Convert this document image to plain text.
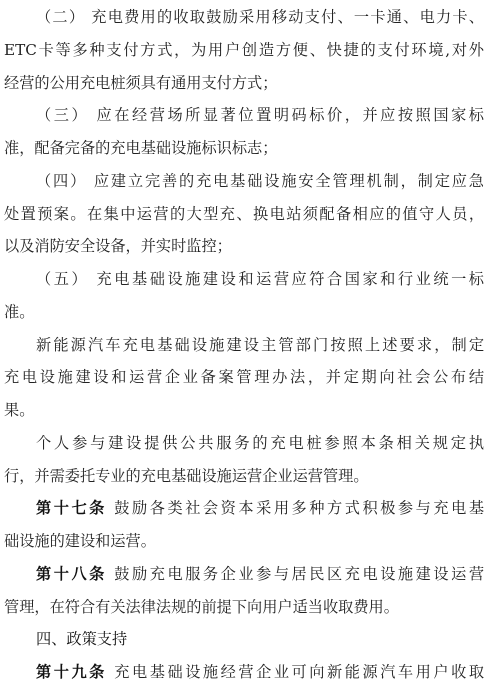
（二） 充电费用的收取鼓励采用移动支付、一卡通、电力卡、
ETC卡等多种支付方式，为用户创造方便、快捷的支付环境,对外
经营的公用充电桩须具有通用支付方式；
（三） 应在经营场所显著位置明码标价，并应按照国家标
准，配备完备的充电基础设施标识标志；
（四） 应建立完善的充电基础设施安全管理机制，制定应急
处置预案。在集中运营的大型充、换电站须配备相应的值守人员，
以及消防安全设备，并实时监控；
（五） 充电基础设施建设和运营应符合国家和行业统一标
准。
新能源汽车充电基础设施建设主管部门按照上述要求，制定
充电设施建设和运营企业备案管理办法，并定期向社会公布结
果。
个人参与建设提供公共服务的充电桩参照本条相关规定执
行，并需委托专业的充电基础设施运营企业运营管理。
第十七条 鼓励各类社会资本采用多种方式积极参与充电基
础设施的建设和运营。
第十八条 鼓励充电服务企业参与居民区充电设施建设运营
管理，在符合有关法律法规的前提下向用户适当收取费用。
四、政策支持
第十九条 充电基础设施经营企业可向新能源汽车用户收取
